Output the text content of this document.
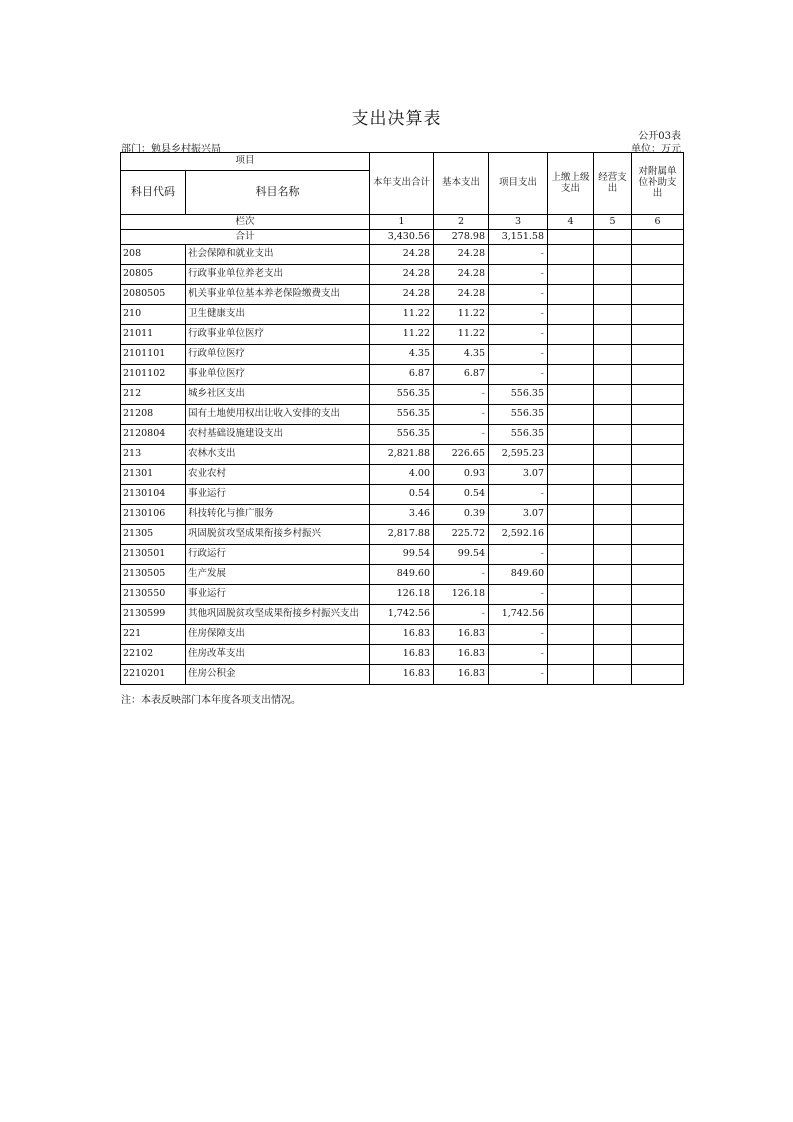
支出决算表
公开03表
部门：勉县乡村振兴局	单位：万元
项目		本年支出合计	基本支出	项目支出	上缴上级支出	经营支出	对附属单位补助支出
科目代码	科目名称						
栏次		1	2	3	4	5	6
合计		3,430.56	278.98	3,151.58			
208	社会保障和就业支出	24.28	24.28	-			
20805	行政事业单位养老支出	24.28	24.28	-			
2080505	机关事业单位基本养老保险缴费支出	24.28	24.28	-			
210	卫生健康支出	11.22	11.22	-			
21011	行政事业单位医疗	11.22	11.22	-			
2101101	行政单位医疗	4.35	4.35	-			
2101102	事业单位医疗	6.87	6.87	-			
212	城乡社区支出	556.35	-	556.35			
21208	国有土地使用权出让收入安排的支出	556.35	-	556.35			
2120804	农村基础设施建设支出	556.35	-	556.35			
213	农林水支出	2,821.88	226.65	2,595.23			
21301	农业农村	4.00	0.93	3.07			
2130104	事业运行	0.54	0.54	-			
2130106	科技转化与推广服务	3.46	0.39	3.07			
21305	巩固脱贫攻坚成果衔接乡村振兴	2,817.88	225.72	2,592.16			
2130501	行政运行	99.54	99.54	-			
2130505	生产发展	849.60	-	849.60			
2130550	事业运行	126.18	126.18	-			
2130599	其他巩固脱贫攻坚成果衔接乡村振兴支出	1,742.56	-	1,742.56			
221	住房保障支出	16.83	16.83	-			
22102	住房改革支出	16.83	16.83	-			
2210201	住房公积金	16.83	16.83	-			
注：本表反映部门本年度各项支出情况。
